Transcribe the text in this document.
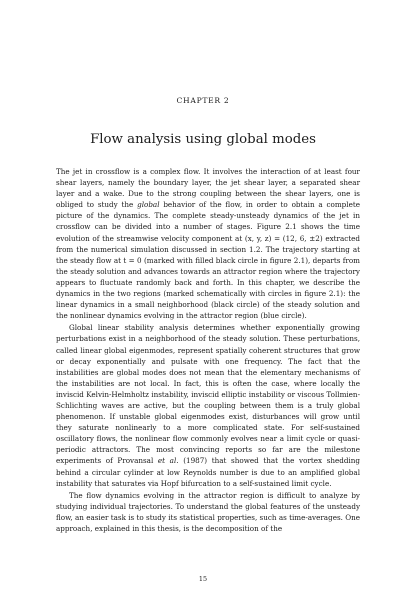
CHAPTER 2
Flow analysis using global modes

The jet in crossflow is a complex flow. It involves the interaction of at least four shear layers, namely the boundary layer, the jet shear layer, a separated shear layer and a wake. Due to the strong coupling between the shear layers, one is obliged to study the global behavior of the flow, in order to obtain a complete picture of the dynamics. The complete steady-unsteady dynamics of the jet in crossflow can be divided into a number of stages. Figure 2.1 shows the time evolution of the streamwise velocity component at (x, y, z) = (12, 6, ±2) extracted from the numerical simulation discussed in section 1.2. The trajectory starting at the steady flow at t = 0 (marked with filled black circle in figure 2.1), departs from the steady solution and advances towards an attractor region where the trajectory appears to fluctuate randomly back and forth. In this chapter, we describe the dynamics in the two regions (marked schematically with circles in figure 2.1): the linear dynamics in a small neighborhood (black circle) of the steady solution and the nonlinear dynamics evolving in the attractor region (blue circle).

Global linear stability analysis determines whether exponentially growing perturbations exist in a neighborhood of the steady solution. These perturbations, called linear global eigenmodes, represent spatially coherent structures that grow or decay exponentially and pulsate with one frequency. The fact that the instabilities are global modes does not mean that the elementary mechanisms of the instabilities are not local. In fact, this is often the case, where locally the inviscid Kelvin-Helmholtz instability, inviscid elliptic instability or viscous Tollmien-Schlichting waves are active, but the coupling between them is a truly global phenomenon. If unstable global eigenmodes exist, disturbances will grow until they saturate nonlinearly to a more complicated state. For self-sustained oscillatory flows, the nonlinear flow commonly evolves near a limit cycle or quasi-periodic attractors. The most convincing reports so far are the milestone experiments of Provansal et al. (1987) that showed that the vortex shedding behind a circular cylinder at low Reynolds number is due to an amplified global instability that saturates via Hopf bifurcation to a self-sustained limit cycle.

The flow dynamics evolving in the attractor region is difficult to analyze by studying individual trajectories. To understand the global features of the unsteady flow, an easier task is to study its statistical properties, such as time-averages. One approach, explained in this thesis, is the decomposition of the

15
